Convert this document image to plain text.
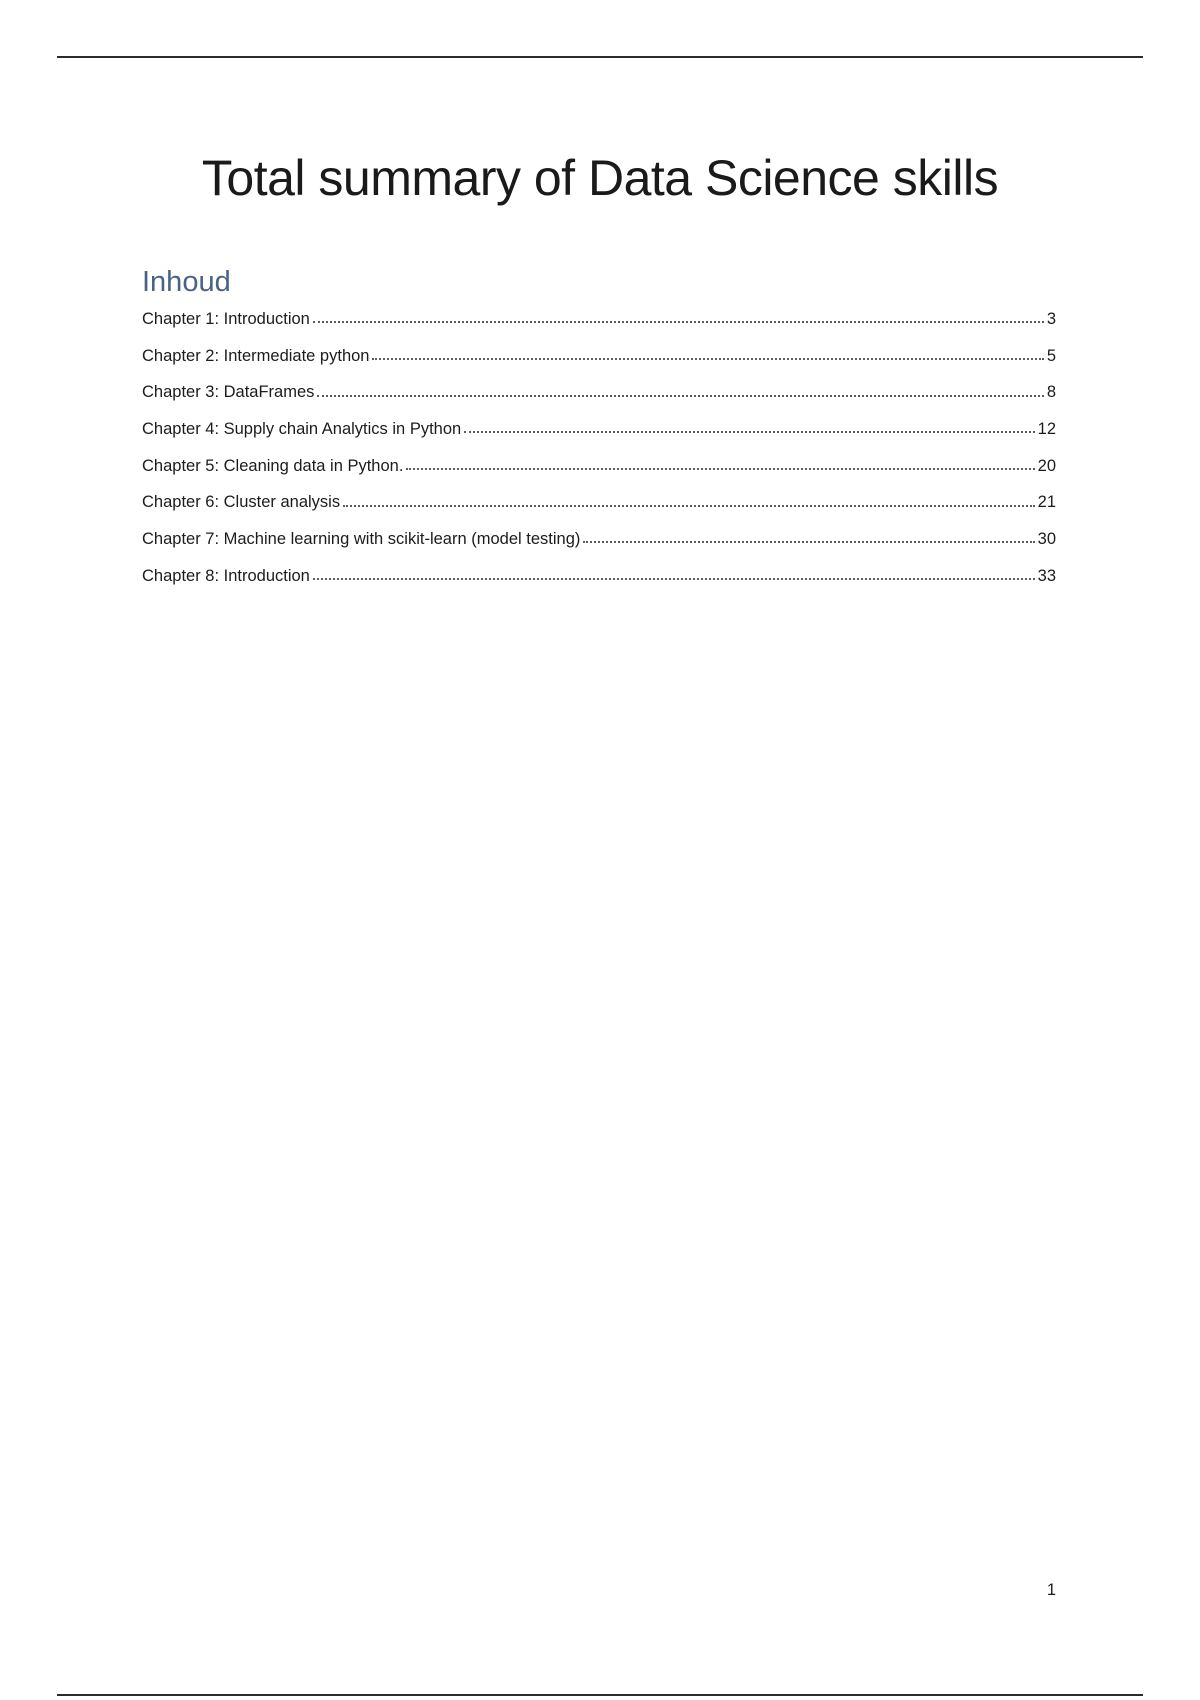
Total summary of Data Science skills
Inhoud
Chapter 1: Introduction	3
Chapter 2: Intermediate python	5
Chapter 3: DataFrames	8
Chapter 4: Supply chain Analytics in Python	12
Chapter 5: Cleaning data in Python.	20
Chapter 6: Cluster analysis	21
Chapter 7: Machine learning with scikit-learn (model testing)	30
Chapter 8: Introduction	33
1
